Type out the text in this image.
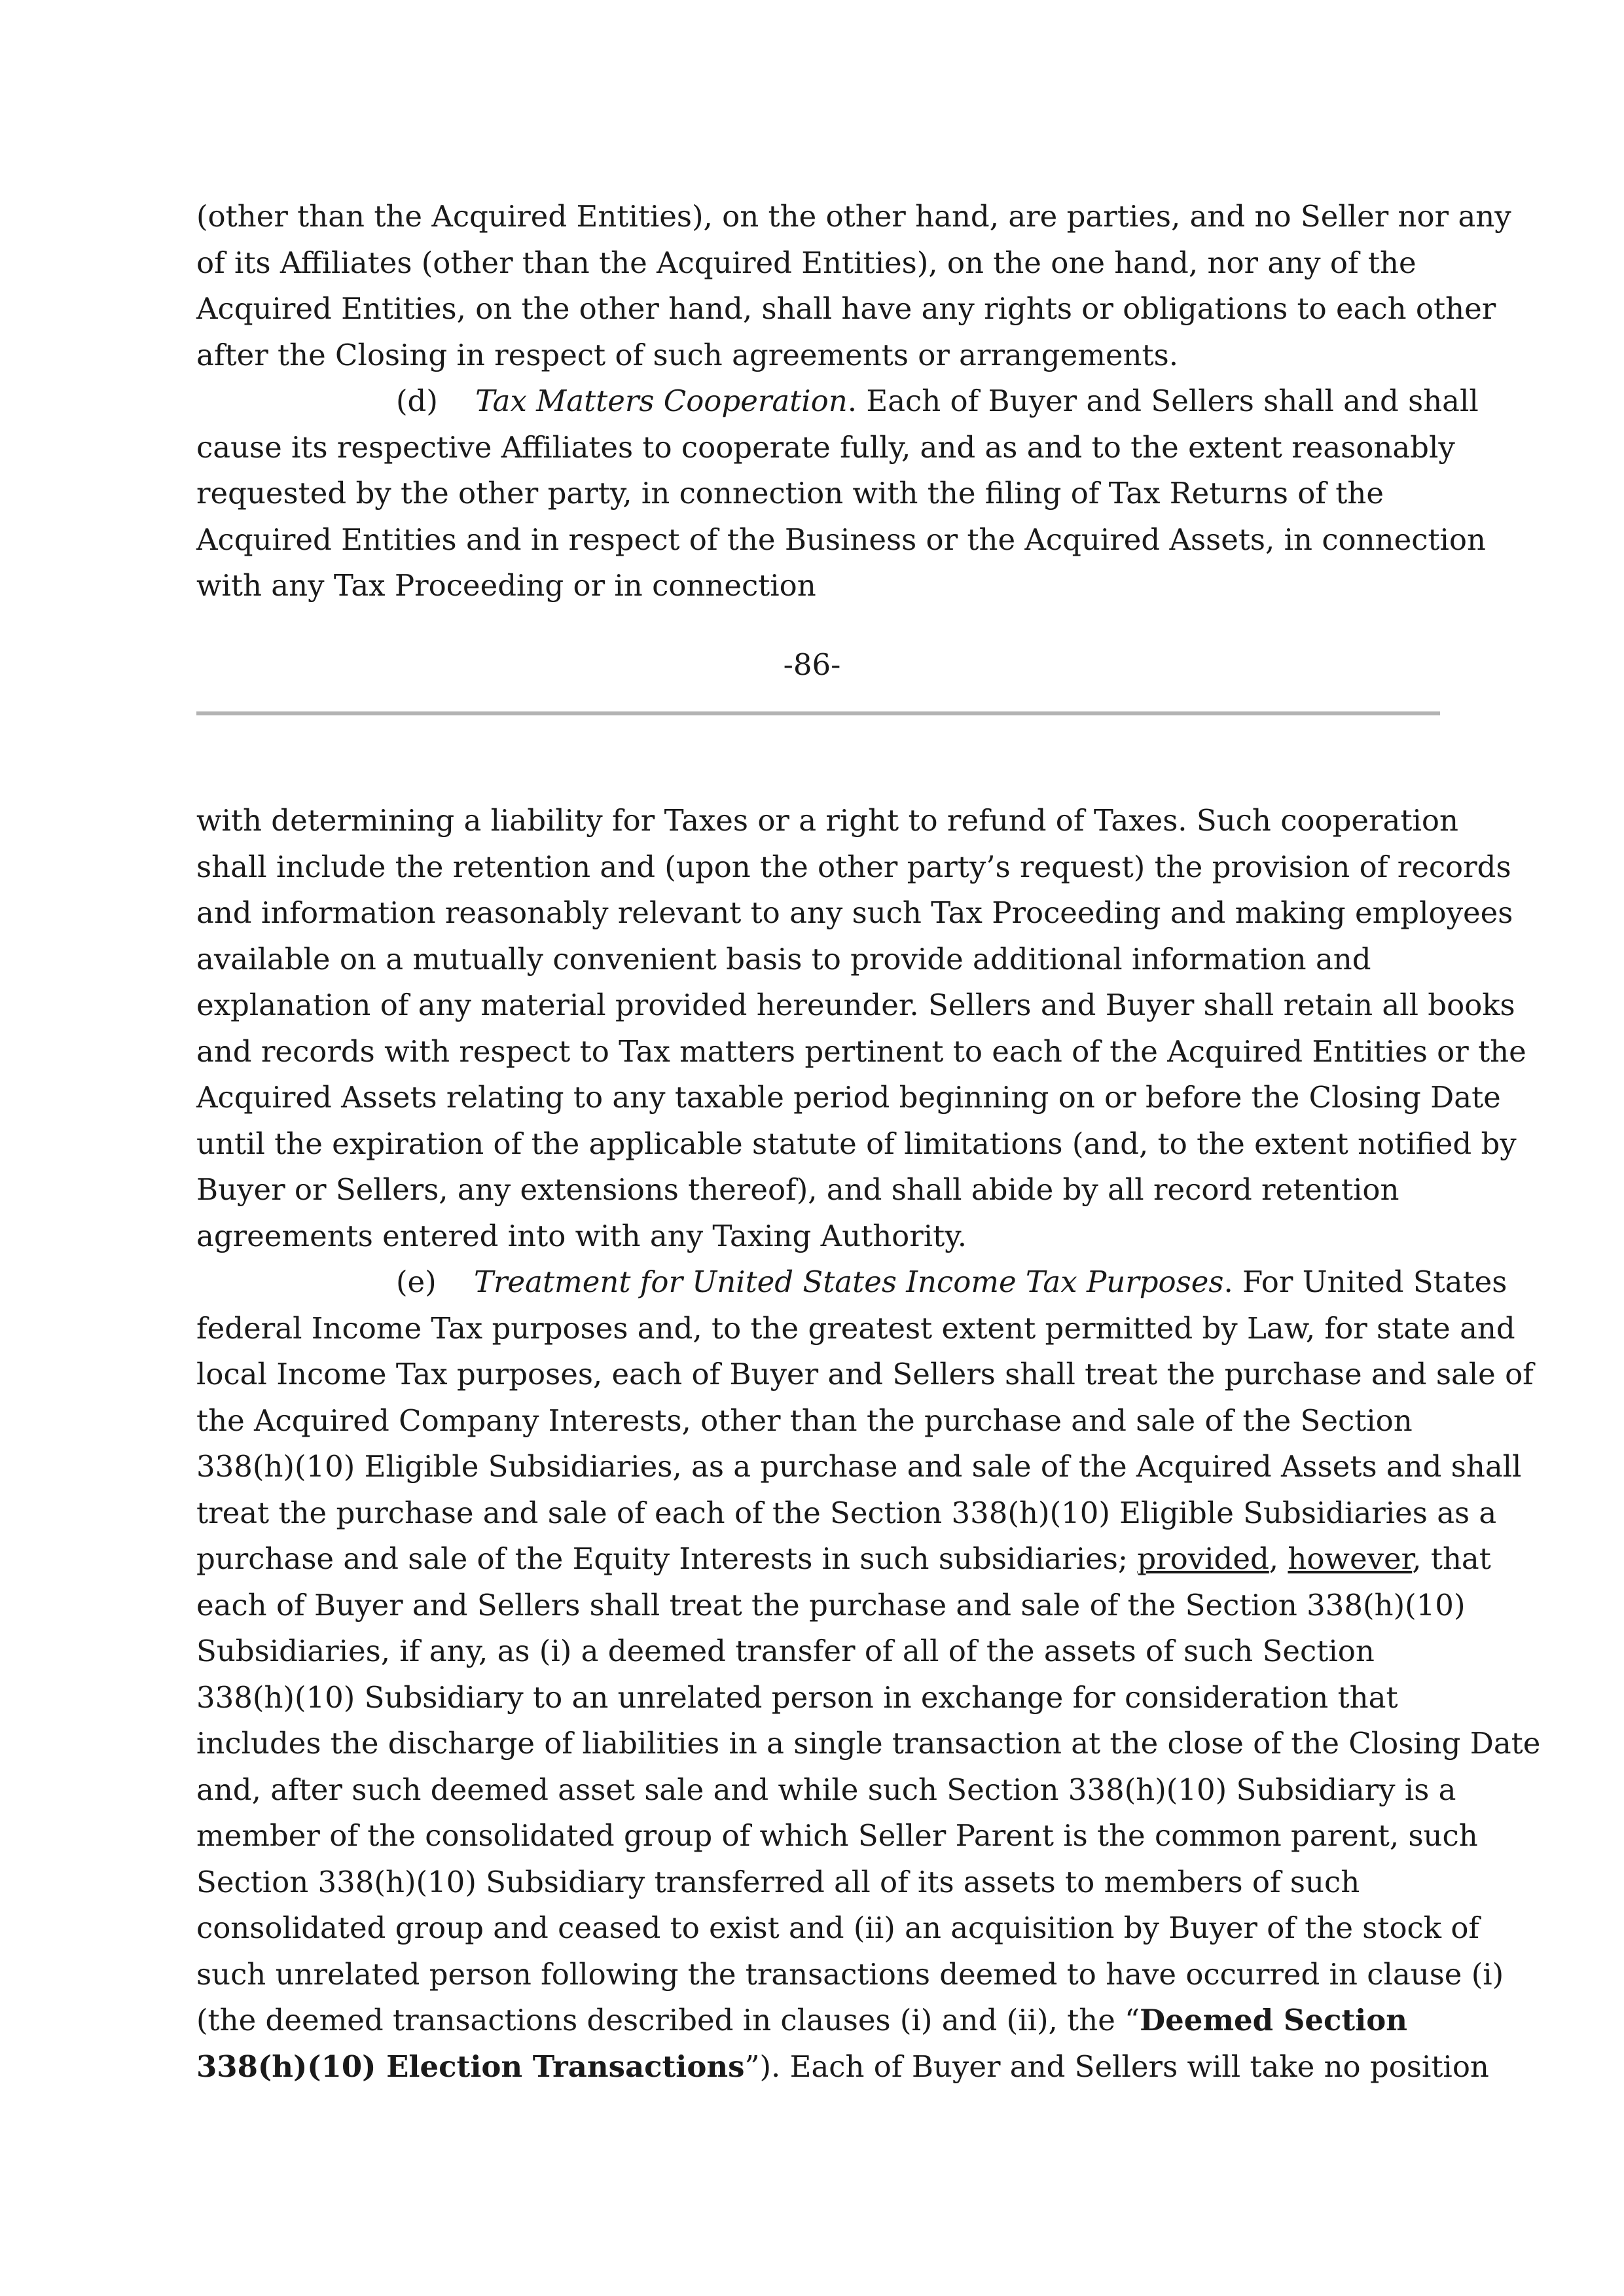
(other than the Acquired Entities), on the other hand, are parties, and no Seller nor any
of its Affiliates (other than the Acquired Entities), on the one hand, nor any of the
Acquired Entities, on the other hand, shall have any rights or obligations to each other
after the Closing in respect of such agreements or arrangements.
(d) Tax Matters Cooperation. Each of Buyer and Sellers shall and shall
cause its respective Affiliates to cooperate fully, and as and to the extent reasonably
requested by the other party, in connection with the filing of Tax Returns of the
Acquired Entities and in respect of the Business or the Acquired Assets, in connection
with any Tax Proceeding or in connection
-86-
with determining a liability for Taxes or a right to refund of Taxes. Such cooperation
shall include the retention and (upon the other party’s request) the provision of records
and information reasonably relevant to any such Tax Proceeding and making employees
available on a mutually convenient basis to provide additional information and
explanation of any material provided hereunder. Sellers and Buyer shall retain all books
and records with respect to Tax matters pertinent to each of the Acquired Entities or the
Acquired Assets relating to any taxable period beginning on or before the Closing Date
until the expiration of the applicable statute of limitations (and, to the extent notified by
Buyer or Sellers, any extensions thereof), and shall abide by all record retention
agreements entered into with any Taxing Authority.
(e) Treatment for United States Income Tax Purposes. For United States
federal Income Tax purposes and, to the greatest extent permitted by Law, for state and
local Income Tax purposes, each of Buyer and Sellers shall treat the purchase and sale of
the Acquired Company Interests, other than the purchase and sale of the Section
338(h)(10) Eligible Subsidiaries, as a purchase and sale of the Acquired Assets and shall
treat the purchase and sale of each of the Section 338(h)(10) Eligible Subsidiaries as a
purchase and sale of the Equity Interests in such subsidiaries; provided, however, that
each of Buyer and Sellers shall treat the purchase and sale of the Section 338(h)(10)
Subsidiaries, if any, as (i) a deemed transfer of all of the assets of such Section
338(h)(10) Subsidiary to an unrelated person in exchange for consideration that
includes the discharge of liabilities in a single transaction at the close of the Closing Date
and, after such deemed asset sale and while such Section 338(h)(10) Subsidiary is a
member of the consolidated group of which Seller Parent is the common parent, such
Section 338(h)(10) Subsidiary transferred all of its assets to members of such
consolidated group and ceased to exist and (ii) an acquisition by Buyer of the stock of
such unrelated person following the transactions deemed to have occurred in clause (i)
(the deemed transactions described in clauses (i) and (ii), the “Deemed Section
338(h)(10) Election Transactions”). Each of Buyer and Sellers will take no position
